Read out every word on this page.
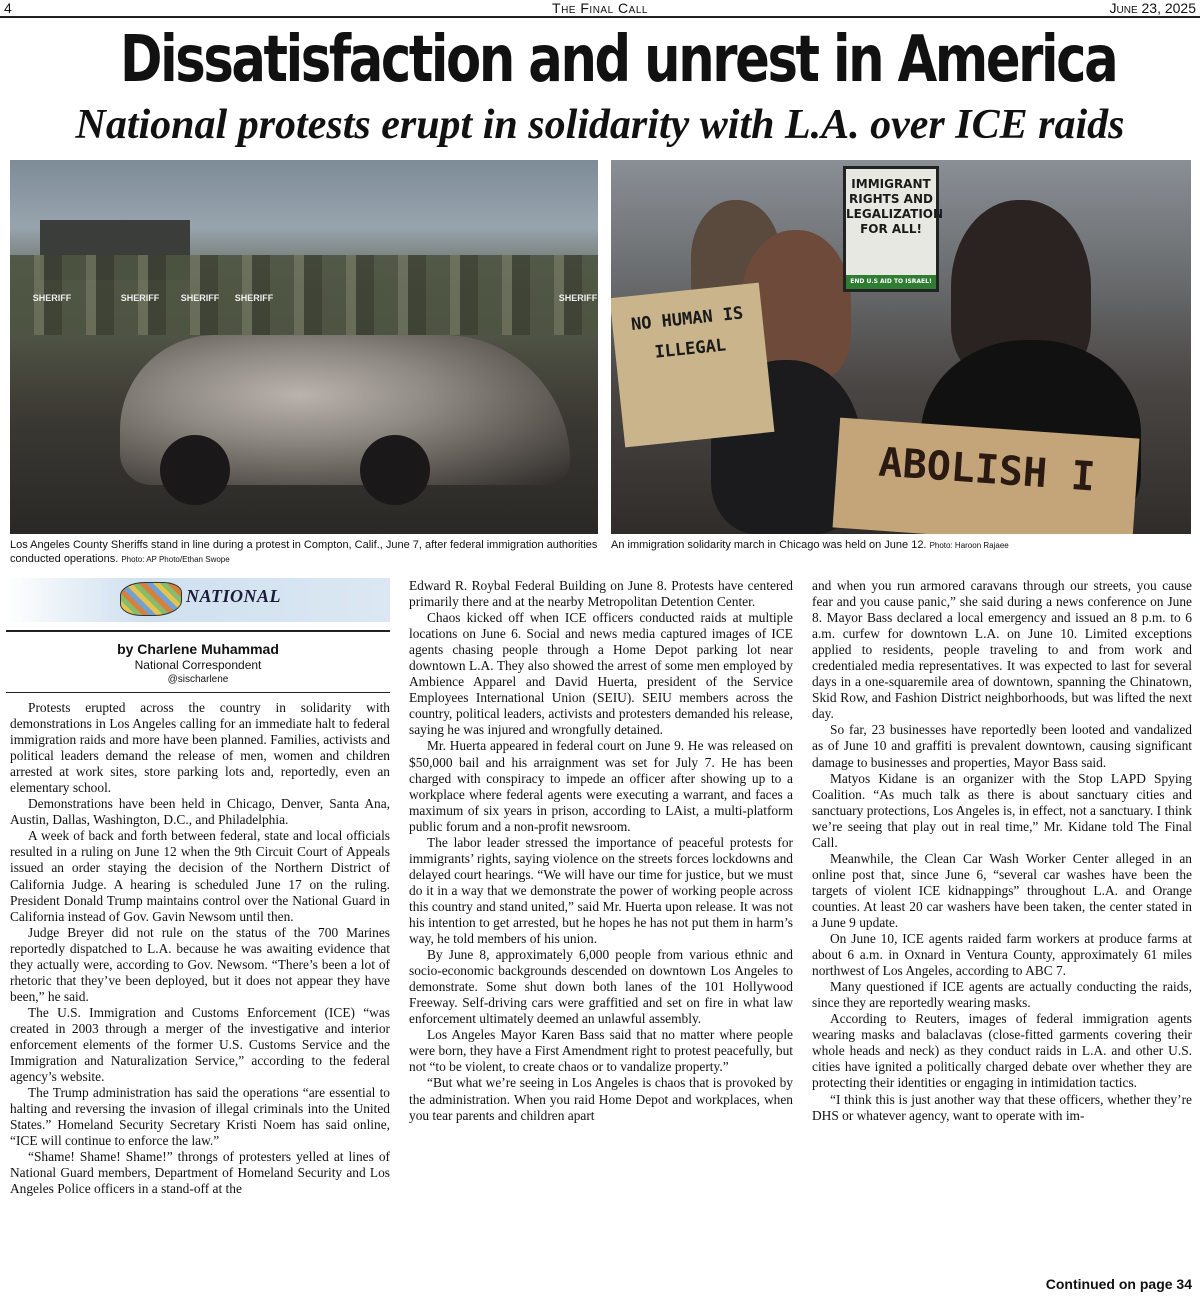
4	The Final Call	June 23, 2025
Dissatisfaction and unrest in America
National protests erupt in solidarity with L.A. over ICE raids
SHERIFF	SHERIFF	SHERIFF	SHERIFF	SHERIFF
IMMIGRANT RIGHTS AND LEGALIZATION FOR ALL!
END U.S AID TO ISRAEL!
NO HUMAN IS ILLEGAL
ABOLISH I
Los Angeles County Sheriffs stand in line during a protest in Compton, Calif., June 7, after federal immigration authorities conducted operations. Photo: AP Photo/Ethan Swope
An immigration solidarity march in Chicago was held on June 12. Photo: Haroon Rajaee
NATIONAL
by Charlene Muhammad
National Correspondent
@sischarlene

Protests erupted across the country in solidarity with demonstrations in Los Angeles calling for an immediate halt to federal immigration raids and more have been planned. Families, activists and political leaders demand the release of men, women and children arrested at work sites, store parking lots and, reportedly, even an elementary school.

Demonstrations have been held in Chicago, Denver, Santa Ana, Austin, Dallas, Washington, D.C., and Philadelphia.

A week of back and forth between federal, state and local officials resulted in a ruling on June 12 when the 9th Circuit Court of Appeals issued an order staying the decision of the Northern District of California Judge. A hearing is scheduled June 17 on the ruling. President Donald Trump maintains control over the National Guard in California instead of Gov. Gavin Newsom until then.

Judge Breyer did not rule on the status of the 700 Marines reportedly dispatched to L.A. because he was awaiting evidence that they actually were, according to Gov. Newsom. “There’s been a lot of rhetoric that they’ve been deployed, but it does not appear they have been,” he said.

The U.S. Immigration and Customs Enforcement (ICE) “was created in 2003 through a merger of the investigative and interior enforcement elements of the former U.S. Customs Service and the Immigration and Naturalization Service,” according to the federal agency’s website.

The Trump administration has said the operations “are essential to halting and reversing the invasion of illegal criminals into the United States.” Homeland Security Secretary Kristi Noem has said online, “ICE will continue to enforce the law.”

“Shame! Shame! Shame!” throngs of protesters yelled at lines of National Guard members, Department of Homeland Security and Los Angeles Police officers in a stand-off at the

Edward R. Roybal Federal Building on June 8. Protests have centered primarily there and at the nearby Metropolitan Detention Center.

Chaos kicked off when ICE officers conducted raids at multiple locations on June 6. Social and news media captured images of ICE agents chasing people through a Home Depot parking lot near downtown L.A. They also showed the arrest of some men employed by Ambience Apparel and David Huerta, president of the Service Employees International Union (SEIU). SEIU members across the country, political leaders, activists and protesters demanded his release, saying he was injured and wrongfully detained.

Mr. Huerta appeared in federal court on June 9. He was released on $50,000 bail and his arraignment was set for July 7. He has been charged with conspiracy to impede an officer after showing up to a workplace where federal agents were executing a warrant, and faces a maximum of six years in prison, according to LAist, a multi-platform public forum and a non-profit newsroom.

The labor leader stressed the importance of peaceful protests for immigrants’ rights, saying violence on the streets forces lockdowns and delayed court hearings. “We will have our time for justice, but we must do it in a way that we demonstrate the power of working people across this country and stand united,” said Mr. Huerta upon release. It was not his intention to get arrested, but he hopes he has not put them in harm’s way, he told members of his union.

By June 8, approximately 6,000 people from various ethnic and socio-economic backgrounds descended on downtown Los Angeles to demonstrate. Some shut down both lanes of the 101 Hollywood Freeway. Self-driving cars were graffitied and set on fire in what law enforcement ultimately deemed an unlawful assembly.

Los Angeles Mayor Karen Bass said that no matter where people were born, they have a First Amendment right to protest peacefully, but not “to be violent, to create chaos or to vandalize property.”

“But what we’re seeing in Los Angeles is chaos that is provoked by the administration. When you raid Home Depot and workplaces, when you tear parents and children apart

and when you run armored caravans through our streets, you cause fear and you cause panic,” she said during a news conference on June 8. Mayor Bass declared a local emergency and issued an 8 p.m. to 6 a.m. curfew for downtown L.A. on June 10. Limited exceptions applied to residents, people traveling to and from work and credentialed media representatives. It was expected to last for several days in a one-squaremile area of downtown, spanning the Chinatown, Skid Row, and Fashion District neighborhoods, but was lifted the next day.

So far, 23 businesses have reportedly been looted and vandalized as of June 10 and graffiti is prevalent downtown, causing significant damage to businesses and properties, Mayor Bass said.

Matyos Kidane is an organizer with the Stop LAPD Spying Coalition. “As much talk as there is about sanctuary cities and sanctuary protections, Los Angeles is, in effect, not a sanctuary. I think we’re seeing that play out in real time,” Mr. Kidane told The Final Call.

Meanwhile, the Clean Car Wash Worker Center alleged in an online post that, since June 6, “several car washes have been the targets of violent ICE kidnappings” throughout L.A. and Orange counties. At least 20 car washers have been taken, the center stated in a June 9 update.

On June 10, ICE agents raided farm workers at produce farms at about 6 a.m. in Oxnard in Ventura County, approximately 61 miles northwest of Los Angeles, according to ABC 7.

Many questioned if ICE agents are actually conducting the raids, since they are reportedly wearing masks.

According to Reuters, images of federal immigration agents wearing masks and balaclavas (close-fitted garments covering their whole heads and neck) as they conduct raids in L.A. and other U.S. cities have ignited a politically charged debate over whether they are protecting their identities or engaging in intimidation tactics.

“I think this is just another way that these officers, whether they’re DHS or whatever agency, want to operate with im-

Continued on page 34
